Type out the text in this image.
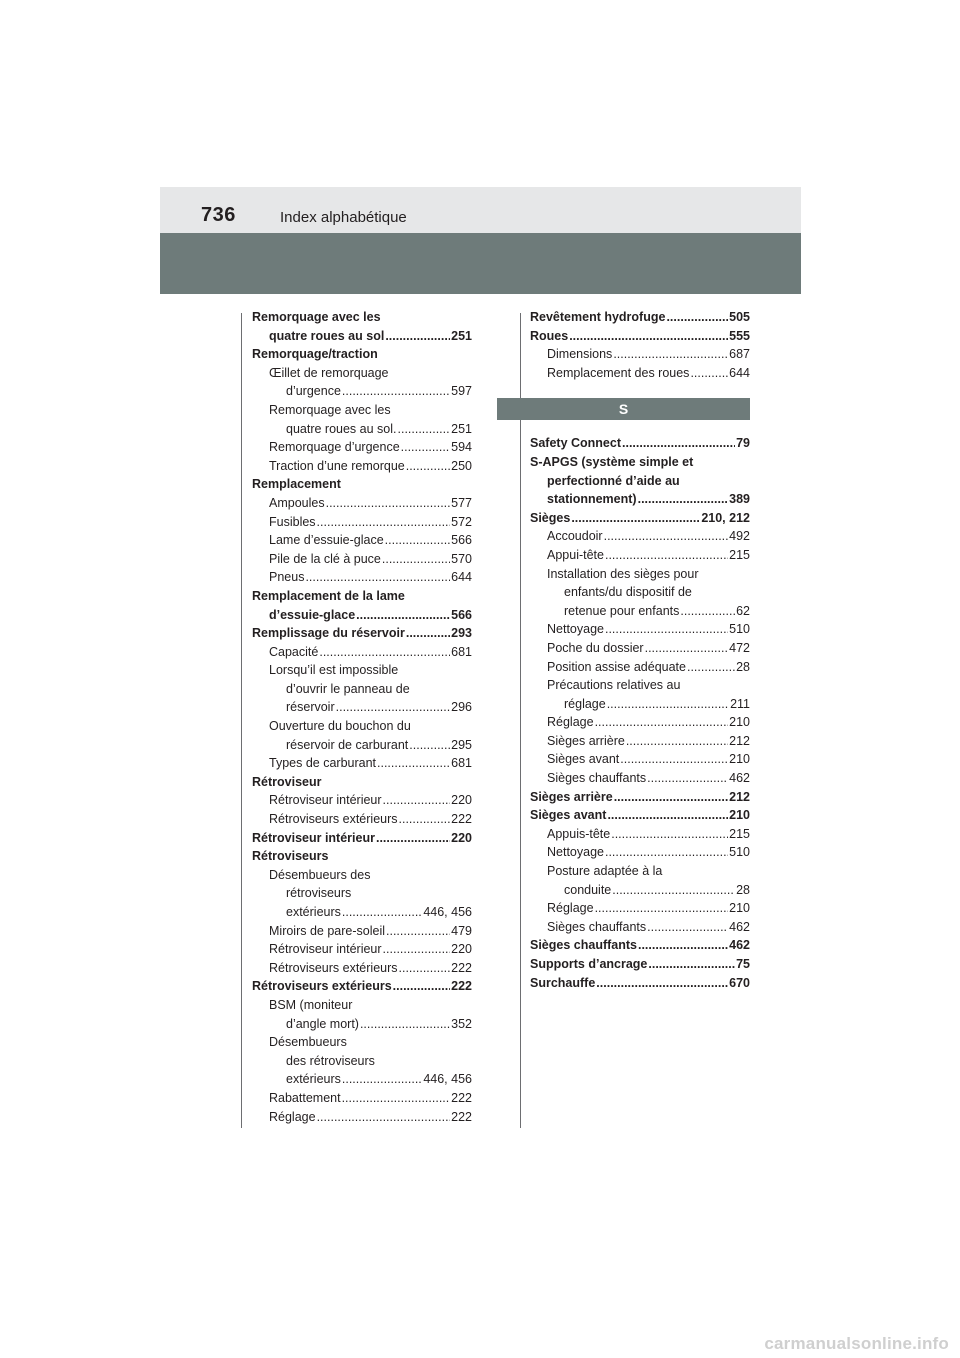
736	Index alphabétique
Remorquage avec les
quatre roues au sol .....	251
Remorquage/traction
Œillet de remorquage
d’urgence .....	597
Remorquage avec les
quatre roues au sol. .....	251
Remorquage d’urgence .....	594
Traction d’une remorque .....	250
Remplacement
Ampoules .....	577
Fusibles .....	572
Lame d’essuie-glace .....	566
Pile de la clé à puce .....	570
Pneus .....	644
Remplacement de la lame
d’essuie-glace .....	566
Remplissage du réservoir .....	293
Capacité .....	681
Lorsqu’il est impossible
d’ouvrir le panneau de
réservoir .....	296
Ouverture du bouchon du
réservoir de carburant .....	295
Types de carburant .....	681
Rétroviseur
Rétroviseur intérieur .....	220
Rétroviseurs extérieurs .....	222
Rétroviseur intérieur .....	220
Rétroviseurs
Désembueurs des
rétroviseurs
extérieurs .....	446, 456
Miroirs de pare-soleil .....	479
Rétroviseur intérieur .....	220
Rétroviseurs extérieurs .....	222
Rétroviseurs extérieurs .....	222
BSM (moniteur
d’angle mort) .....	352
Désembueurs
des rétroviseurs
extérieurs .....	446, 456
Rabattement .....	222
Réglage .....	222
Revêtement hydrofuge .....	505
Roues .....	555
Dimensions .....	687
Remplacement des roues .....	644
S
Safety Connect .....	79
S-APGS (système simple et
perfectionné d’aide au
stationnement) .....	389
Sièges .....	210, 212
Accoudoir .....	492
Appui-tête .....	215
Installation des sièges pour
enfants/du dispositif de
retenue pour enfants .....	62
Nettoyage .....	510
Poche du dossier .....	472
Position assise adéquate .....	28
Précautions relatives au
réglage .....	211
Réglage .....	210
Sièges arrière .....	212
Sièges avant .....	210
Sièges chauffants .....	462
Sièges arrière .....	212
Sièges avant .....	210
Appuis-tête .....	215
Nettoyage .....	510
Posture adaptée à la
conduite .....	28
Réglage .....	210
Sièges chauffants .....	462
Sièges chauffants .....	462
Supports d’ancrage .....	75
Surchauffe .....	670
carmanualsonline.info
